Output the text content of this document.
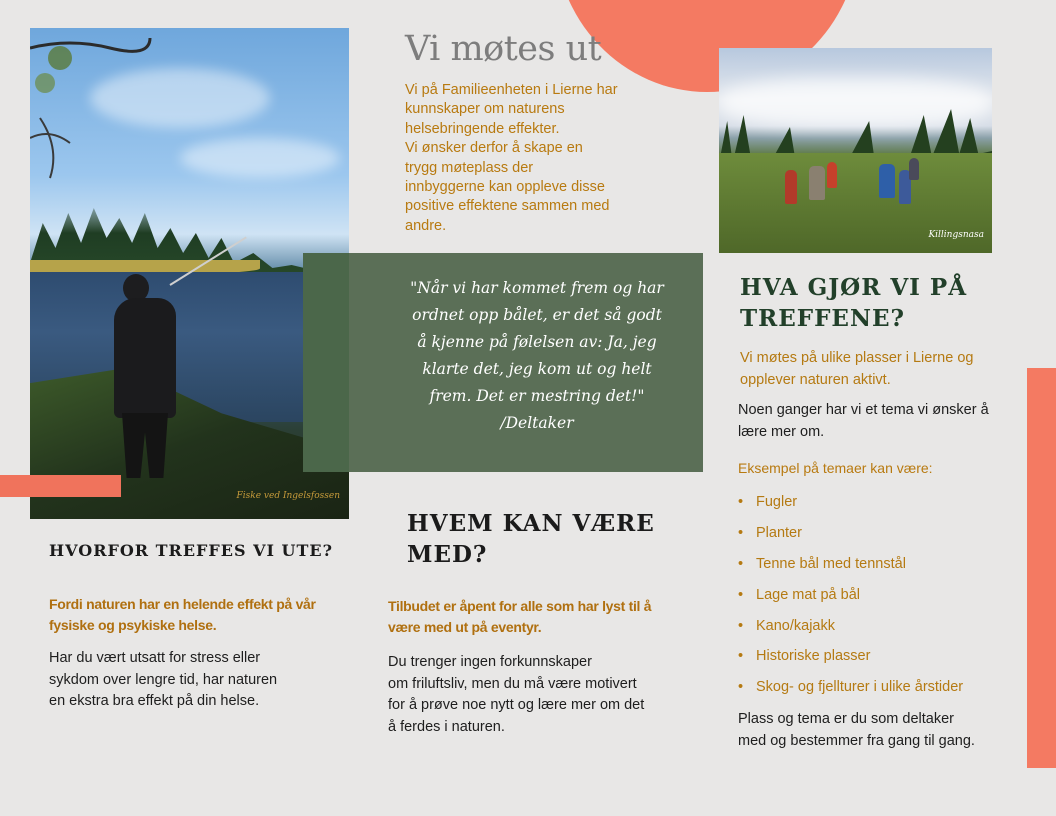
Fiske ved Ingelsfossen
Killingsnasa
"Når vi har kommet frem og har
ordnet opp bålet, er det så godt
å kjenne på følelsen av: Ja, jeg
klarte det, jeg kom ut og helt
frem. Det er mestring det!"
/Deltaker
Vi møtes ut
Vi på Familieenheten i Lierne har
kunnskaper om naturens
helsebringende effekter.
Vi ønsker derfor å skape en
trygg møteplass der
innbyggerne kan oppleve disse
positive effektene sammen med
andre.
HVORFOR TREFFES VI UTE?
Fordi naturen har en helende effekt på vår fysiske og psykiske helse.
Har du vært utsatt for stress eller
sykdom over lengre tid, har naturen
en ekstra bra effekt på din helse.
HVEM KAN VÆRE MED?
Tilbudet er åpent for alle som har lyst til å være med ut på eventyr.
Du trenger ingen forkunnskaper
om friluftsliv, men du må være motivert
for å prøve noe nytt og lære mer om det
å ferdes i naturen.
HVA GJØR VI PÅ TREFFENE?
Vi møtes på ulike plasser i Lierne og opplever naturen aktivt.
Noen ganger har vi et tema vi ønsker å lære mer om.
Eksempel på temaer kan være:
• Fugler
• Planter
• Tenne bål med tennstål
• Lage mat på bål
• Kano/kajakk
• Historiske plasser
• Skog- og fjellturer i ulike årstider
Plass og tema er du som deltaker
med og bestemmer fra gang til gang.
